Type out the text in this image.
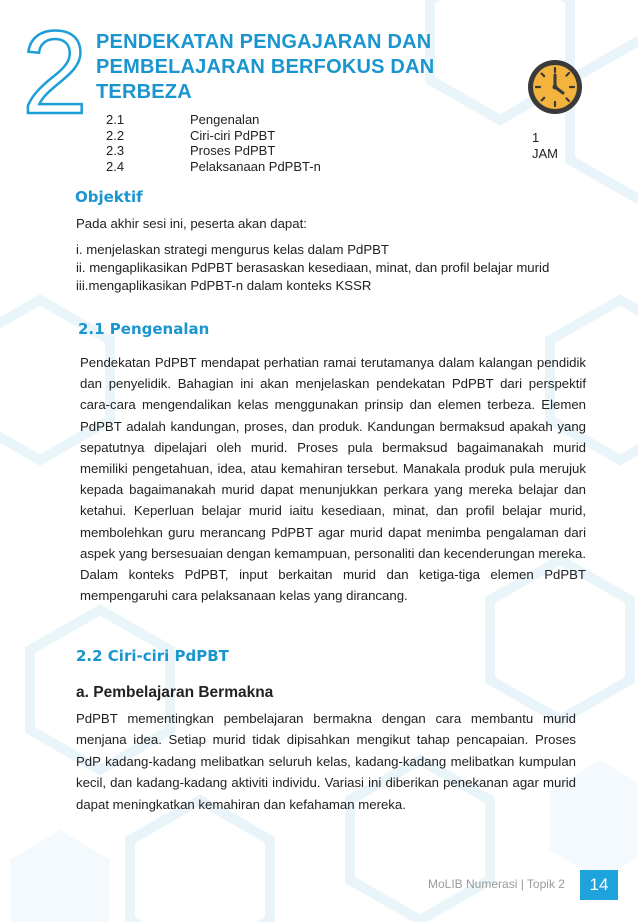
2 PENDEKATAN PENGAJARAN DAN PEMBELAJARAN BERFOKUS DAN TERBEZA
2.1	Pengenalan
2.2	Ciri-ciri PdPBT
2.3	Proses PdPBT
2.4	Pelaksanaan PdPBT-n
1
JAM
Objektif
Pada akhir sesi ini, peserta akan dapat:
i. menjelaskan strategi mengurus kelas dalam PdPBT
ii. mengaplikasikan PdPBT berasaskan kesediaan, minat, dan profil belajar murid
iii.mengaplikasikan PdPBT-n dalam konteks KSSR
2.1 Pengenalan
Pendekatan PdPBT mendapat perhatian ramai terutamanya dalam kalangan pendidik dan penyelidik. Bahagian ini akan menjelaskan pendekatan PdPBT dari perspektif cara-cara mengendalikan kelas menggunakan prinsip dan elemen terbeza. Elemen PdPBT adalah kandungan, proses, dan produk. Kandungan bermaksud apakah yang sepatutnya dipelajari oleh murid. Proses pula bermaksud bagaimanakah murid memiliki pengetahuan, idea, atau kemahiran tersebut. Manakala produk pula merujuk kepada bagaimanakah murid dapat menunjukkan perkara yang mereka belajar dan ketahui. Keperluan belajar murid iaitu kesediaan, minat, dan profil belajar murid, membolehkan guru merancang PdPBT agar murid dapat menimba pengalaman dari aspek yang bersesuaian dengan kemampuan, personaliti dan kecenderungan mereka. Dalam konteks PdPBT, input berkaitan murid dan ketiga-tiga elemen PdPBT mempengaruhi cara pelaksanaan kelas yang dirancang.
2.2 Ciri-ciri PdPBT
a. Pembelajaran Bermakna
PdPBT mementingkan pembelajaran bermakna dengan cara membantu murid menjana idea. Setiap murid tidak dipisahkan mengikut tahap pencapaian. Proses PdP kadang-kadang melibatkan seluruh kelas, kadang-kadang melibatkan kumpulan kecil, dan kadang-kadang aktiviti individu. Variasi ini diberikan penekanan agar murid dapat meningkatkan kemahiran dan kefahaman mereka.
MoLIB Numerasi | Topik 2	14
